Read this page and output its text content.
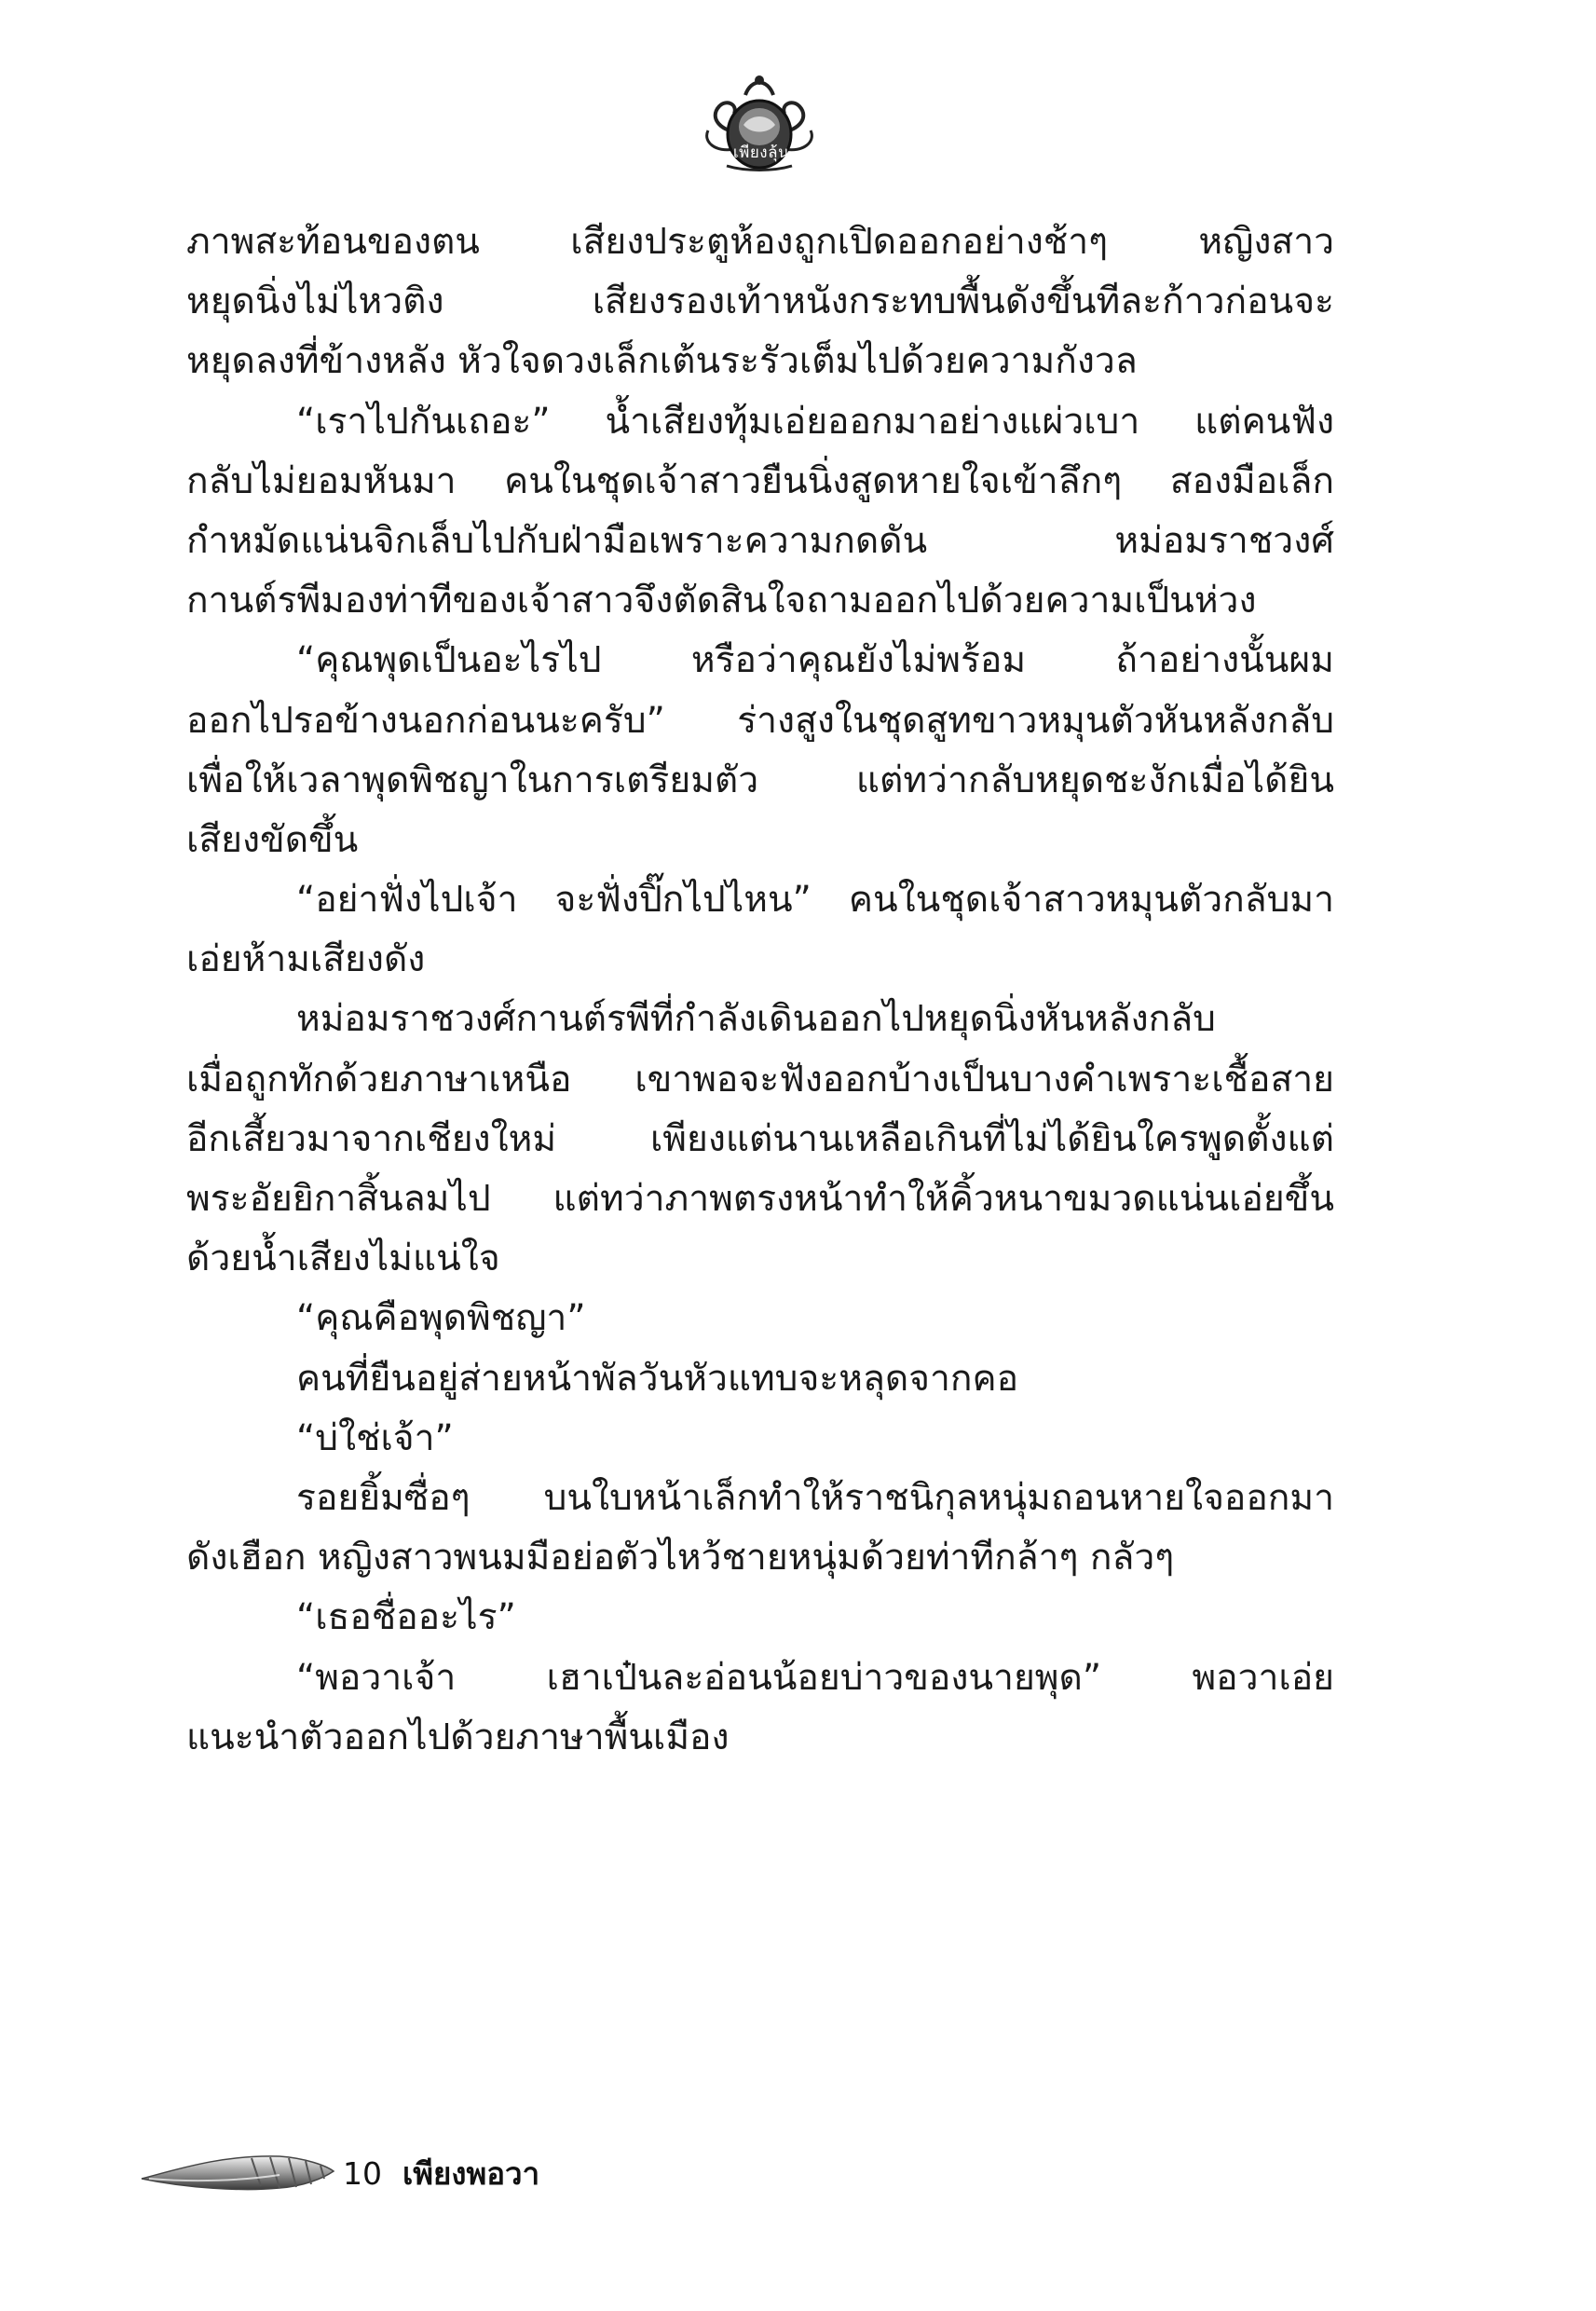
เพียงลุ้น
ภาพสะท้อนของตน เสียงประตูห้องถูกเปิดออกอย่างช้าๆ หญิงสาว
หยุดนิ่งไม่ไหวติง เสียงรองเท้าหนังกระทบพื้นดังขึ้นทีละก้าวก่อนจะ
หยุดลงที่ข้างหลัง หัวใจดวงเล็กเต้นระรัวเต็มไปด้วยความกังวล
“เราไปกันเถอะ” น้ำเสียงทุ้มเอ่ยออกมาอย่างแผ่วเบา แต่คนฟัง
กลับไม่ยอมหันมา คนในชุดเจ้าสาวยืนนิ่งสูดหายใจเข้าลึกๆ สองมือเล็ก
กำหมัดแน่นจิกเล็บไปกับฝ่ามือเพราะความกดดัน หม่อมราชวงศ์
กานต์รพีมองท่าทีของเจ้าสาวจึงตัดสินใจถามออกไปด้วยความเป็นห่วง
“คุณพุดเป็นอะไรไป หรือว่าคุณยังไม่พร้อม ถ้าอย่างนั้นผม
ออกไปรอข้างนอกก่อนนะครับ” ร่างสูงในชุดสูทขาวหมุนตัวหันหลังกลับ
เพื่อให้เวลาพุดพิชญาในการเตรียมตัว แต่ทว่ากลับหยุดชะงักเมื่อได้ยิน
เสียงขัดขึ้น
“อย่าฟั่งไปเจ้า จะฟั่งปิ๊กไปไหน” คนในชุดเจ้าสาวหมุนตัวกลับมา
เอ่ยห้ามเสียงดัง
หม่อมราชวงศ์กานต์รพีที่กำลังเดินออกไปหยุดนิ่งหันหลังกลับ
เมื่อถูกทักด้วยภาษาเหนือ เขาพอจะฟังออกบ้างเป็นบางคำเพราะเชื้อสาย
อีกเสี้ยวมาจากเชียงใหม่ เพียงแต่นานเหลือเกินที่ไม่ได้ยินใครพูดตั้งแต่
พระอัยยิกาสิ้นลมไป แต่ทว่าภาพตรงหน้าทำให้คิ้วหนาขมวดแน่นเอ่ยขึ้น
ด้วยน้ำเสียงไม่แน่ใจ
“คุณคือพุดพิชญา”
คนที่ยืนอยู่ส่ายหน้าพัลวันหัวแทบจะหลุดจากคอ
“บ่ใช่เจ้า”
รอยยิ้มซื่อๆ บนใบหน้าเล็กทำให้ราชนิกุลหนุ่มถอนหายใจออกมา
ดังเฮือก หญิงสาวพนมมือย่อตัวไหว้ชายหนุ่มด้วยท่าทีกล้าๆ กลัวๆ
“เธอชื่ออะไร”
“พอวาเจ้า เฮาเป๋นละอ่อนน้อยบ่าวของนายพุด” พอวาเอ่ย
แนะนำตัวออกไปด้วยภาษาพื้นเมือง
10 เพียงพอวา
